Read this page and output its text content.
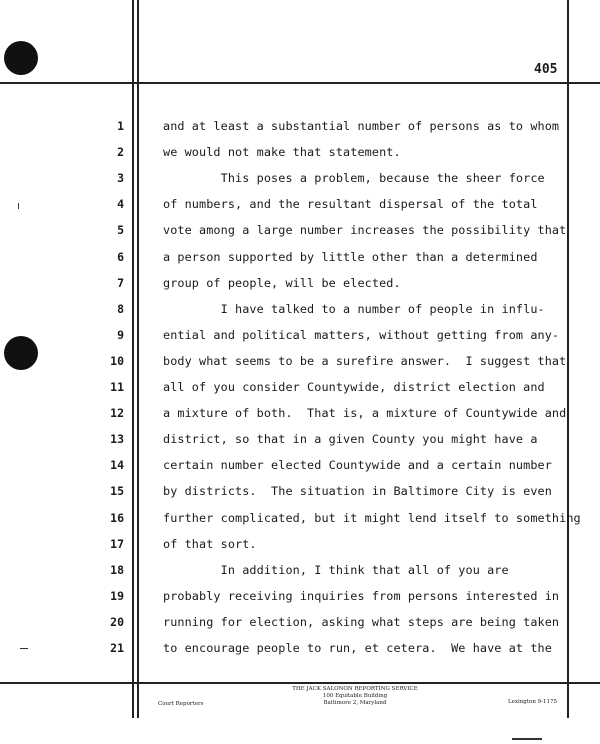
405
1	and at least a substantial number of persons as to whom
2	we would not make that statement.
3	This poses a problem, because the sheer force
4	of numbers, and the resultant dispersal of the total
5	vote among a large number increases the possibility that
6	a person supported by little other than a determined
7	group of people, will be elected.
8	I have talked to a number of people in influ-
9	ential and political matters, without getting from any-
10	body what seems to be a surefire answer.  I suggest that
11	all of you consider Countywide, district election and
12	a mixture of both.  That is, a mixture of Countywide and
13	district, so that in a given County you might have a
14	certain number elected Countywide and a certain number
15	by districts.  The situation in Baltimore City is even
16	further complicated, but it might lend itself to something
17	of that sort.
18	In addition, I think that all of you are
19	probably receiving inquiries from persons interested in
20	running for election, asking what steps are being taken
21	to encourage people to run, et cetera.  We have at the
THE JACK SALONON REPORTING SERVICE
100 Equitable Building
Baltimore 2, Maryland
Court Reporters	Lexington 9-1175
